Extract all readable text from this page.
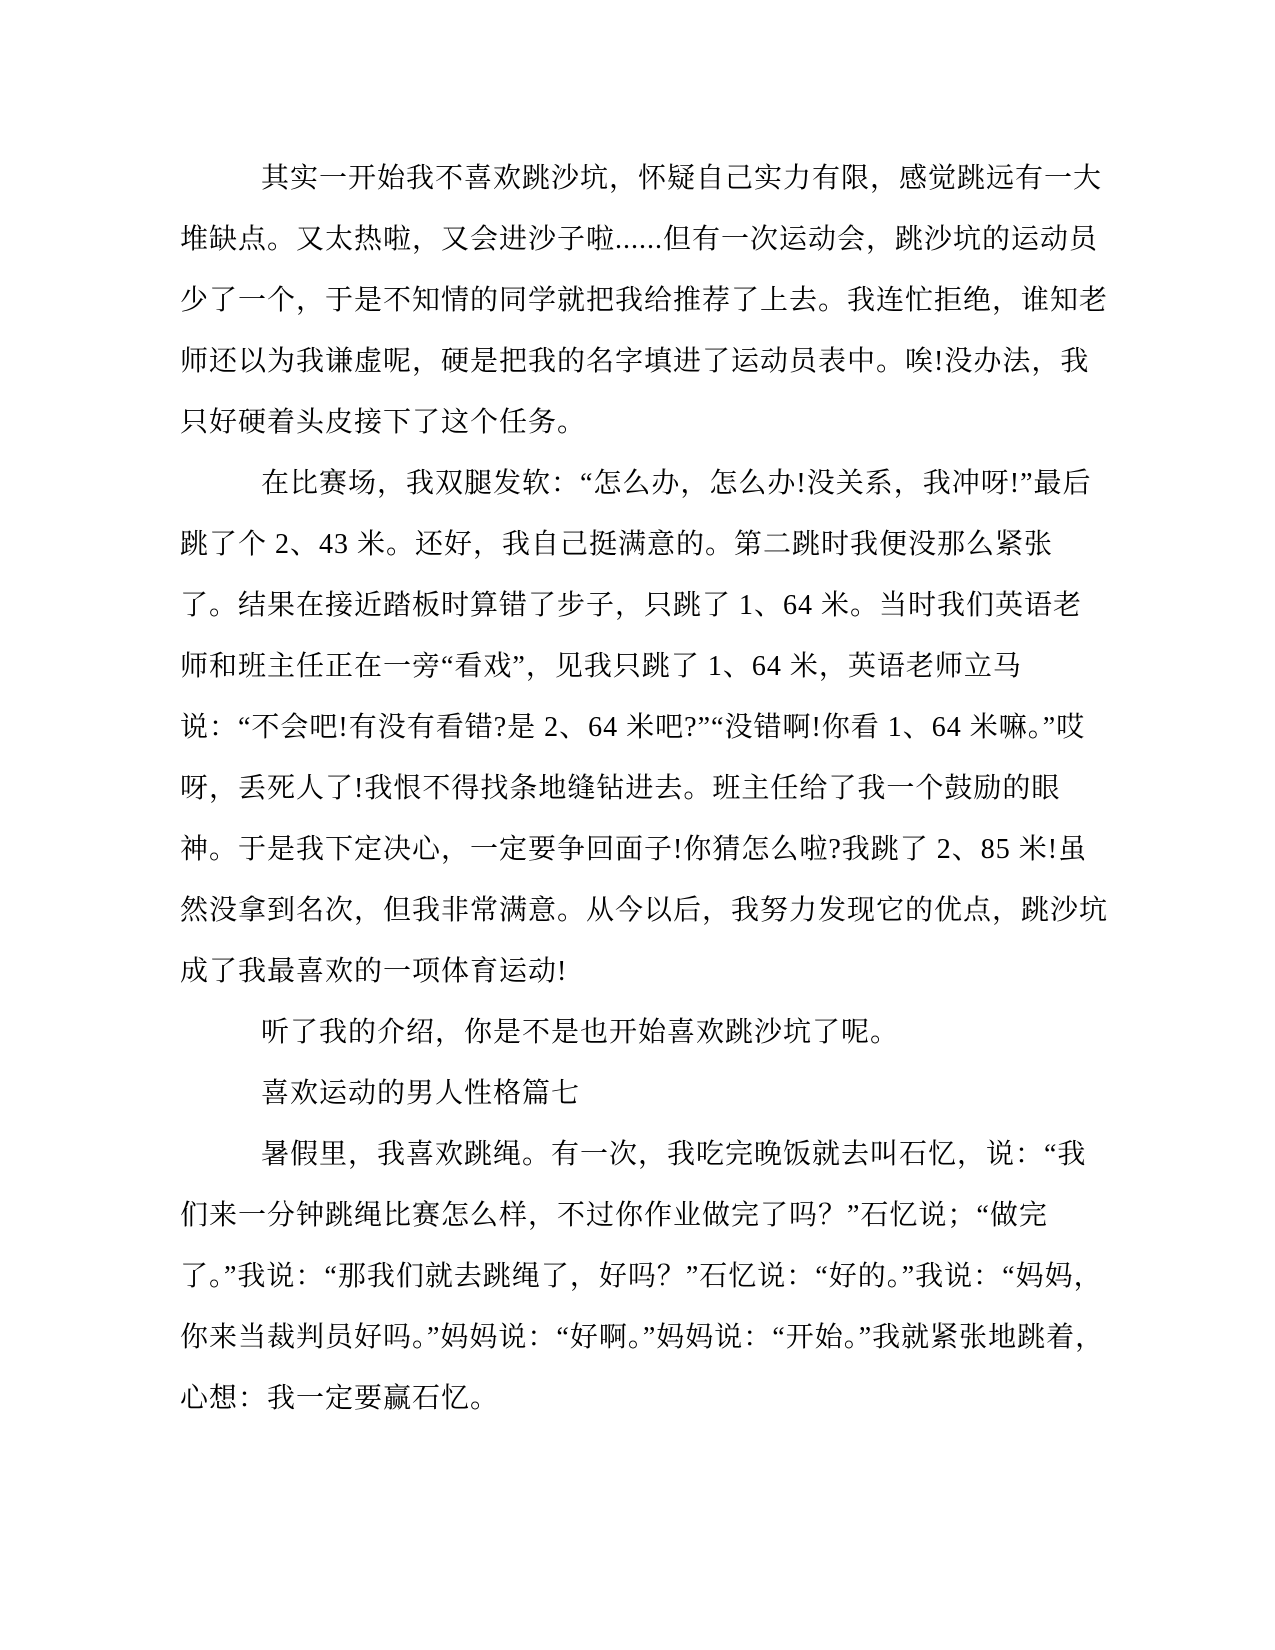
其实一开始我不喜欢跳沙坑，怀疑自己实力有限，感觉跳远有一大堆缺点。又太热啦，又会进沙子啦......但有一次运动会，跳沙坑的运动员少了一个，于是不知情的同学就把我给推荐了上去。我连忙拒绝，谁知老师还以为我谦虚呢，硬是把我的名字填进了运动员表中。唉!没办法，我只好硬着头皮接下了这个任务。

在比赛场，我双腿发软：“怎么办，怎么办!没关系，我冲呀!”最后跳了个 2、43 米。还好，我自己挺满意的。第二跳时我便没那么紧张了。结果在接近踏板时算错了步子，只跳了 1、64 米。当时我们英语老师和班主任正在一旁“看戏”，见我只跳了 1、64 米，英语老师立马说：“不会吧!有没有看错?是 2、64 米吧?”“没错啊!你看 1、64 米嘛。”哎呀，丢死人了!我恨不得找条地缝钻进去。班主任给了我一个鼓励的眼神。于是我下定决心，一定要争回面子!你猜怎么啦?我跳了 2、85 米!虽然没拿到名次，但我非常满意。从今以后，我努力发现它的优点，跳沙坑成了我最喜欢的一项体育运动!

听了我的介绍，你是不是也开始喜欢跳沙坑了呢。

喜欢运动的男人性格篇七

暑假里，我喜欢跳绳。有一次，我吃完晚饭就去叫石忆，说：“我们来一分钟跳绳比赛怎么样，不过你作业做完了吗？”石忆说；“做完了。”我说：“那我们就去跳绳了，好吗？”石忆说：“好的。”我说：“妈妈，你来当裁判员好吗。”妈妈说：“好啊。”妈妈说：“开始。”我就紧张地跳着，心想：我一定要赢石忆。
